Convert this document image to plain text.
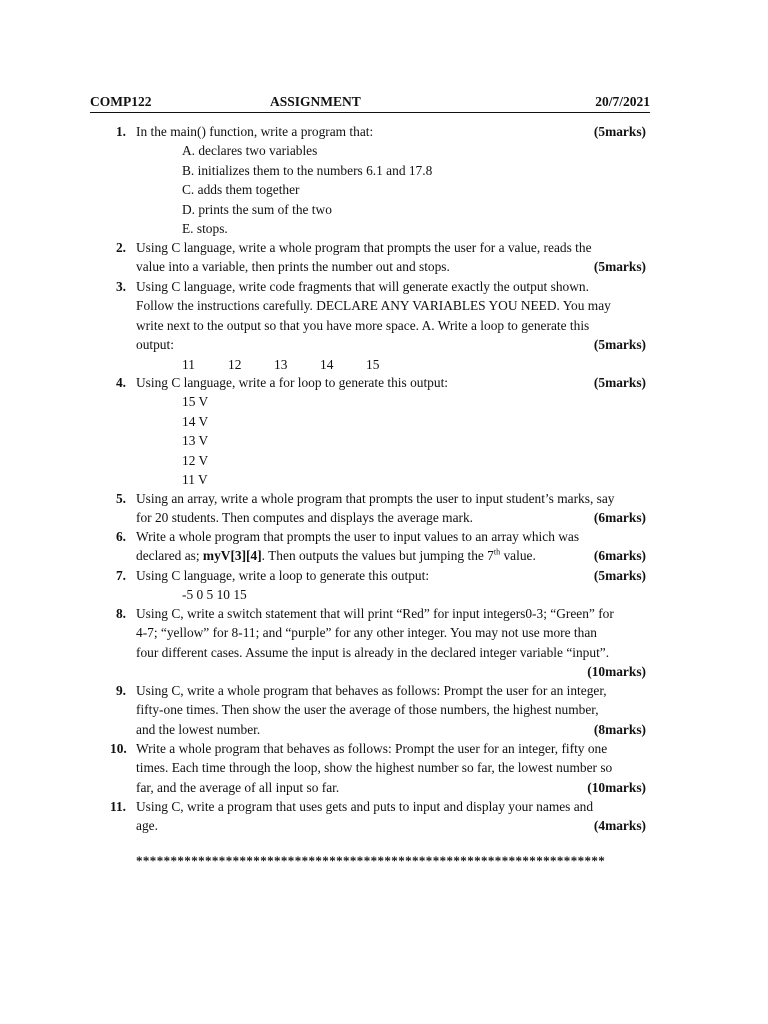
COMP122	ASSIGNMENT	20/7/2021
1. In the main() function, write a program that:	(5marks)
A. declares two variables
B. initializes them to the numbers 6.1 and 17.8
C. adds them together
D. prints the sum of the two
E. stops.
2. Using C language, write a whole program that prompts the user for a value, reads the
value into a variable, then prints the number out and stops.	(5marks)
3. Using C language, write code fragments that will generate exactly the output shown.
Follow the instructions carefully. DECLARE ANY VARIABLES YOU NEED. You may
write next to the output so that you have more space. A. Write a loop to generate this
output:	(5marks)
11 12 13 14 15
4. Using C language, write a for loop to generate this output:	(5marks)
15 V
14 V
13 V
12 V
11 V
5. Using an array, write a whole program that prompts the user to input student’s marks, say
for 20 students. Then computes and displays the average mark.	(6marks)
6. Write a whole program that prompts the user to input values to an array which was
declared as; myV[3][4]. Then outputs the values but jumping the 7th value.	(6marks)
7. Using C language, write a loop to generate this output:	(5marks)
-5 0 5 10 15
8. Using C, write a switch statement that will print “Red” for input integers0-3; “Green” for
4-7; “yellow” for 8-11; and “purple” for any other integer. You may not use more than
four different cases. Assume the input is already in the declared integer variable “input”.
(10marks)
9. Using C, write a whole program that behaves as follows: Prompt the user for an integer,
fifty-one times. Then show the user the average of those numbers, the highest number,
and the lowest number.	(8marks)
10. Write a whole program that behaves as follows: Prompt the user for an integer, fifty one
times. Each time through the loop, show the highest number so far, the lowest number so
far, and the average of all input so far.	(10marks)
11. Using C, write a program that uses gets and puts to input and display your names and
age.	(4marks)
********************************************************************
